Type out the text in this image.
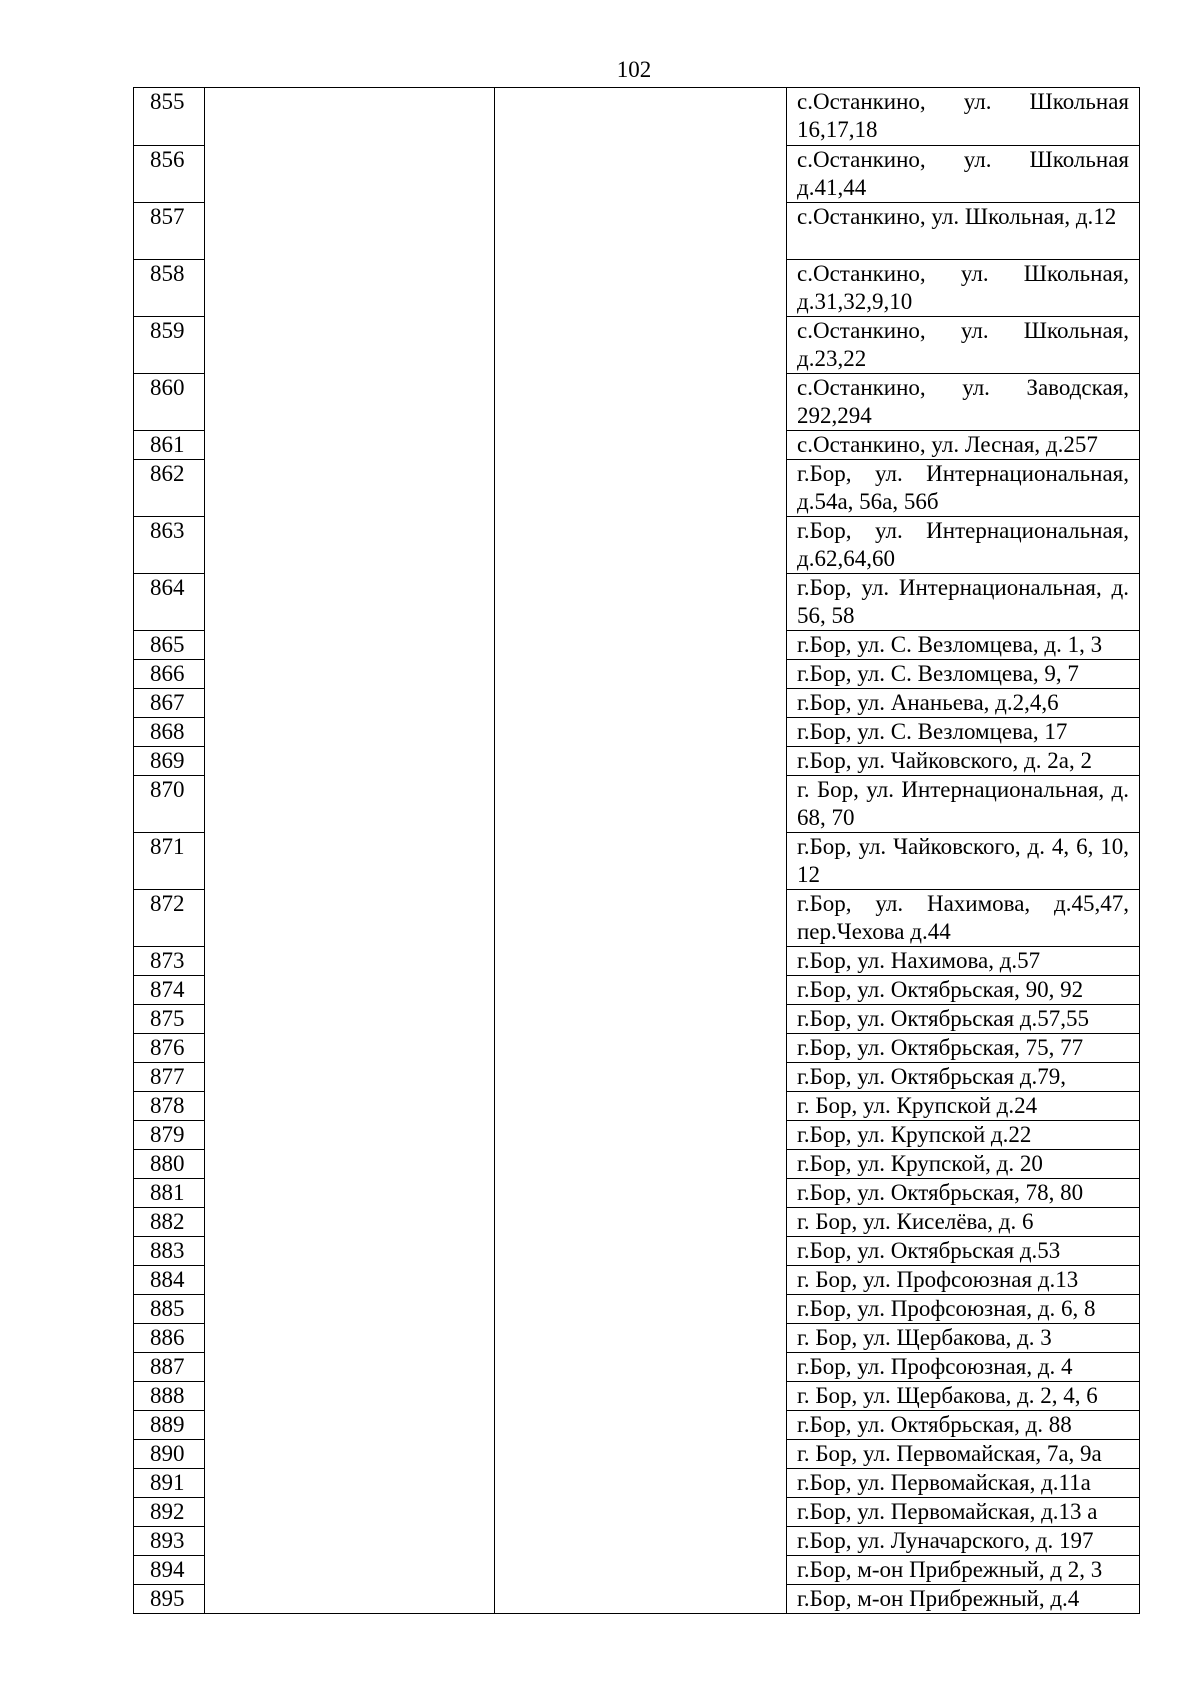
102
855			с.Останкино, ул. Школьная 16,17,18
856			с.Останкино, ул. Школьная д.41,44
857			с.Останкино, ул. Школьная, д.12
858			с.Останкино, ул. Школьная, д.31,32,9,10
859			с.Останкино, ул. Школьная, д.23,22
860			с.Останкино, ул. Заводская, 292,294
861			с.Останкино, ул. Лесная, д.257
862			г.Бор, ул. Интернациональная, д.54а, 56а, 56б
863			г.Бор, ул. Интернациональная, д.62,64,60
864			г.Бор, ул. Интернациональная, д. 56, 58
865			г.Бор, ул. С. Везломцева, д. 1, 3
866			г.Бор, ул. С. Везломцева, 9, 7
867			г.Бор, ул. Ананьева, д.2,4,6
868			г.Бор, ул. С. Везломцева, 17
869			г.Бор, ул. Чайковского, д. 2а, 2
870			г. Бор, ул. Интернациональная, д. 68, 70
871			г.Бор, ул. Чайковского, д. 4, 6, 10, 12
872			г.Бор, ул. Нахимова, д.45,47, пер.Чехова д.44
873			г.Бор, ул. Нахимова, д.57
874			г.Бор, ул. Октябрьская, 90, 92
875			г.Бор, ул. Октябрьская д.57,55
876			г.Бор, ул. Октябрьская, 75, 77
877			г.Бор, ул. Октябрьская д.79,
878			г. Бор, ул. Крупской д.24
879			г.Бор, ул. Крупской д.22
880			г.Бор, ул. Крупской, д. 20
881			г.Бор, ул. Октябрьская, 78, 80
882			г. Бор, ул. Киселёва, д. 6
883			г.Бор, ул. Октябрьская д.53
884			г. Бор, ул. Профсоюзная д.13
885			г.Бор, ул. Профсоюзная, д. 6, 8
886			г. Бор, ул. Щербакова, д. 3
887			г.Бор, ул. Профсоюзная, д. 4
888			г. Бор, ул. Щербакова, д. 2, 4, 6
889			г.Бор, ул. Октябрьская, д. 88
890			г. Бор, ул. Первомайская, 7а, 9а
891			г.Бор, ул. Первомайская, д.11а
892			г.Бор, ул. Первомайская, д.13 а
893			г.Бор, ул. Луначарского, д. 197
894			г.Бор, м-он Прибрежный, д 2, 3
895			г.Бор, м-он Прибрежный, д.4
